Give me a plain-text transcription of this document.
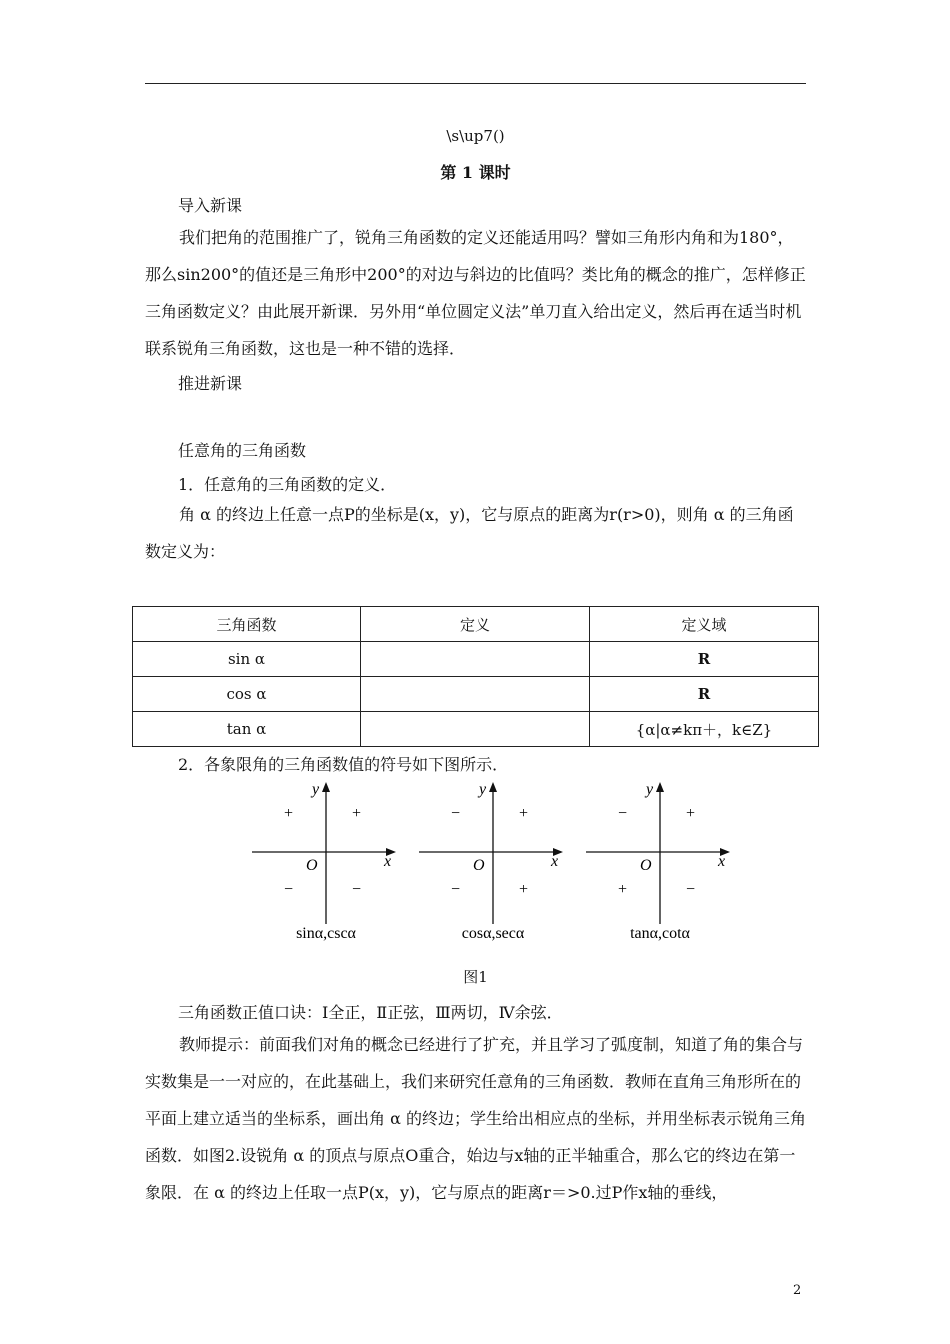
\s\up7()
第 1 课时
导入新课
我们把角的范围推广了，锐角三角函数的定义还能适用吗？譬如三角形内角和为180°，那么sin200°的值还是三角形中200°的对边与斜边的比值吗？类比角的概念的推广，怎样修正三角函数定义？由此展开新课．另外用“单位圆定义法”单刀直入给出定义，然后再在适当时机联系锐角三角函数，这也是一种不错的选择．
推进新课
任意角的三角函数
1．任意角的三角函数的定义．
角 α 的终边上任意一点P的坐标是(x，y)，它与原点的距离为r(r>0)，则角 α 的三角函数定义为：
三角函数	定义	定义域
sin α		R
cos α		R
tan α		{α|α≠kπ＋，k∈Z}
2．各象限角的三角函数值的符号如下图所示．
y
x
O
+
+
−	−
sinα,cscα
y
x
O
+
−
−	+
cosα,secα
y
x
O
+
−
+	−
tanα,cotα
图1
三角函数正值口诀：Ⅰ全正，Ⅱ正弦，Ⅲ两切，Ⅳ余弦．
教师提示：前面我们对角的概念已经进行了扩充，并且学习了弧度制，知道了角的集合与实数集是一一对应的，在此基础上，我们来研究任意角的三角函数．教师在直角三角形所在的平面上建立适当的坐标系，画出角 α 的终边；学生给出相应点的坐标，并用坐标表示锐角三角函数．如图2.设锐角 α 的顶点与原点O重合，始边与x轴的正半轴重合，那么它的终边在第一象限．在 α 的终边上任取一点P(x，y)，它与原点的距离r＝>0.过P作x轴的垂线，
2
